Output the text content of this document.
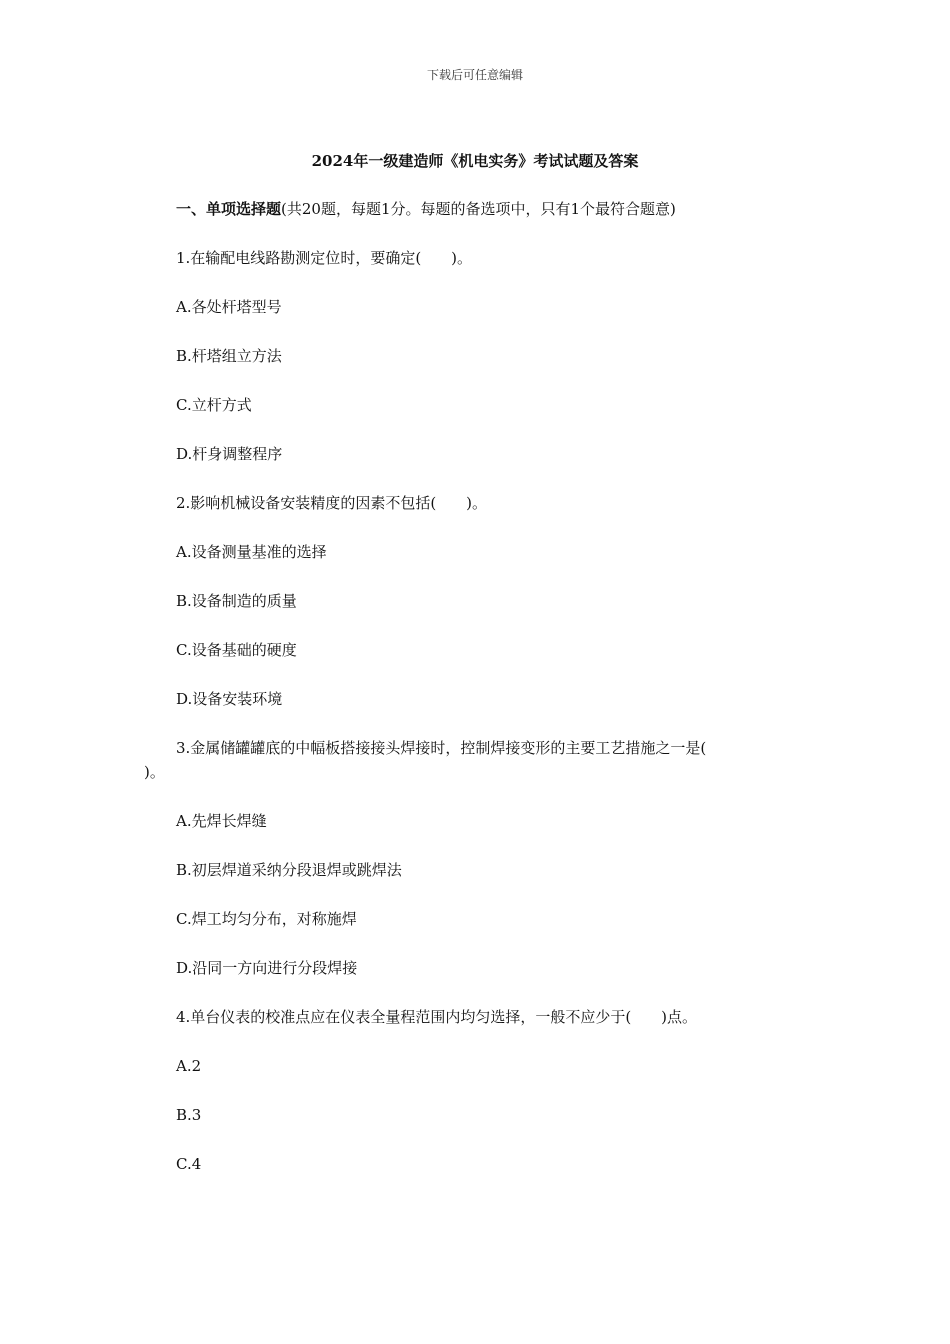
下载后可任意编辑
2024年一级建造师《机电实务》考试试题及答案
一、单项选择题(共20题，每题1分。每题的备选项中，只有1个最符合题意)
1.在输配电线路勘测定位时，要确定(　　)。
A.各处杆塔型号
B.杆塔组立方法
C.立杆方式
D.杆身调整程序
2.影响机械设备安装精度的因素不包括(　　)。
A.设备测量基准的选择
B.设备制造的质量
C.设备基础的硬度
D.设备安装环境
3.金属储罐罐底的中幅板搭接接头焊接时，控制焊接变形的主要工艺措施之一是(
)。
A.先焊长焊缝
B.初层焊道采纳分段退焊或跳焊法
C.焊工均匀分布，对称施焊
D.沿同一方向进行分段焊接
4.单台仪表的校准点应在仪表全量程范围内均匀选择，一般不应少于(　　)点。
A.2
B.3
C.4
